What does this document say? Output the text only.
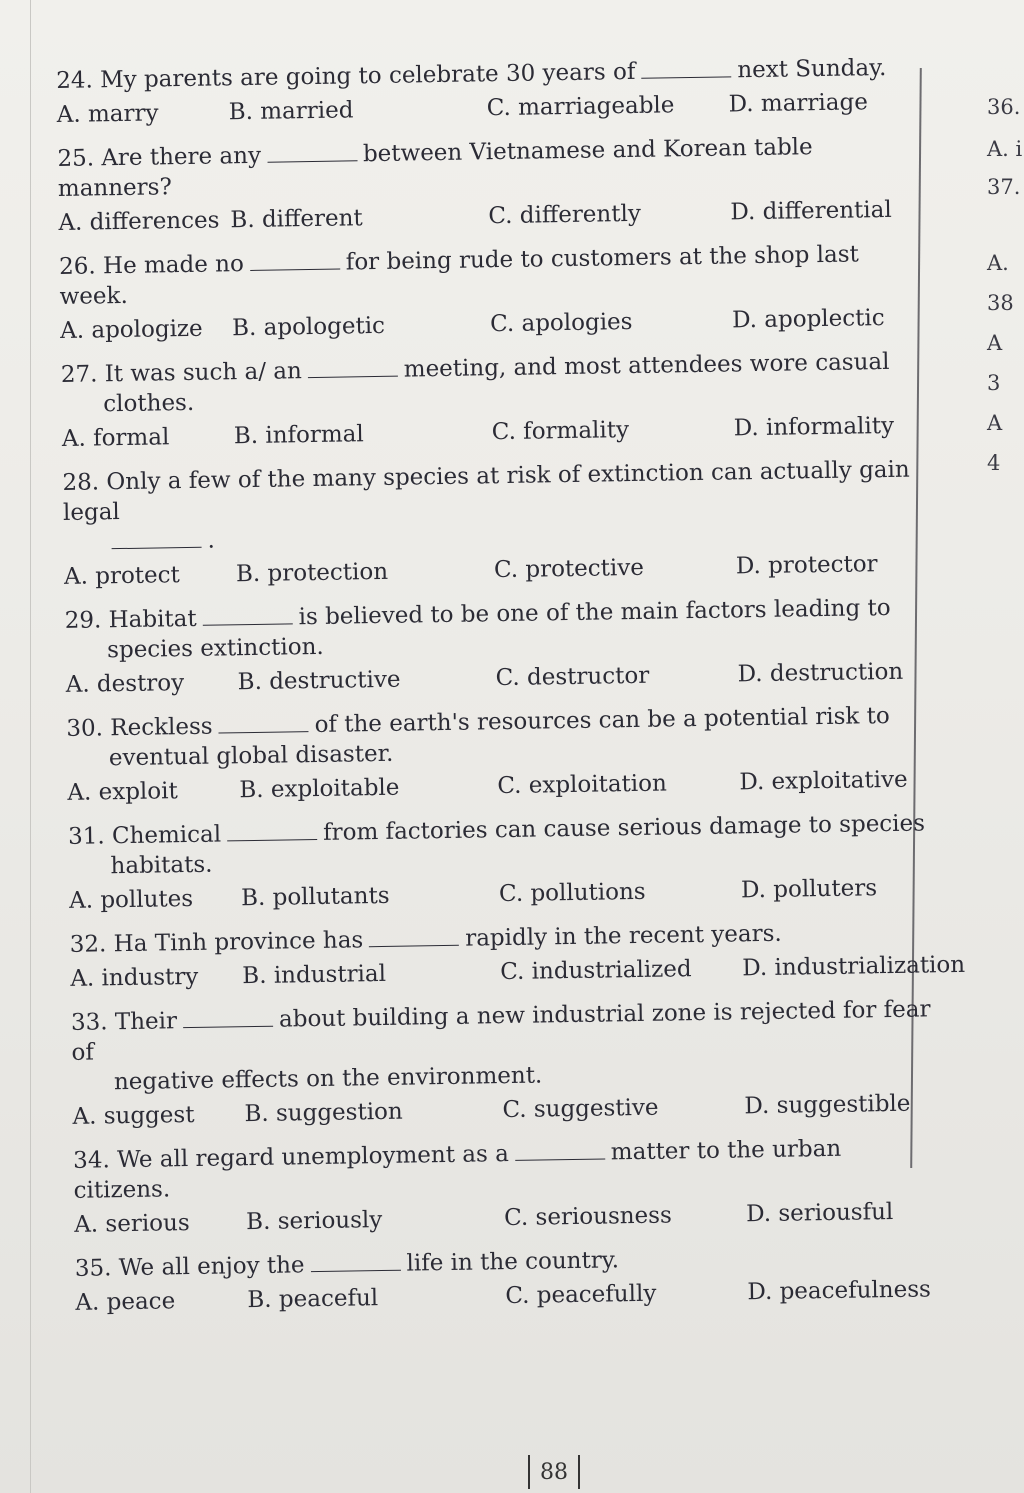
24. My parents are going to celebrate 30 years of	next Sunday.
A. marry	B. married	C. marriageable D. marriage
25. Are there any	between Vietnamese and Korean table manners?
A. differences B. different	C. differently	D. differential
26. He made no	for being rude to customers at the shop last week.
A. apologize B. apologetic	C. apologies	D. apoplectic
27. It was such a/ an	meeting, and most attendees wore casual
clothes.
A. formal	B. informal	C. formality	D. informality
28. Only a few of the many species at risk of extinction can actually gain legal
.
A. protect B. protection	C. protective	D. protector
29. Habitat	is believed to be one of the main factors leading to
species extinction.
A. destroy B. destructive	C. destructor	D. destruction
30. Reckless	of the earth's resources can be a potential risk to
eventual global disaster.
A. exploit	B. exploitable	C. exploitation	D. exploitative
31. Chemical	from factories can cause serious damage to species
habitats.
A. pollutes B. pollutants	C. pollutions	D. polluters
32. Ha Tinh province has	rapidly in the recent years.
A. industry B. industrial	C. industrialized D. industrialization
33. Their	about building a new industrial zone is rejected for fear of
negative effects on the environment.
A. suggest B. suggestion	C. suggestive	D. suggestible
34. We all regard unemployment as a	matter to the urban citizens.
A. serious B. seriously	C. seriousness	D. seriousful
35. We all enjoy the	life in the country.
A. peace	B. peaceful	C. peacefully	D. peacefulness
36.
A. i
37.
A.
38
A
3
A
4
88
